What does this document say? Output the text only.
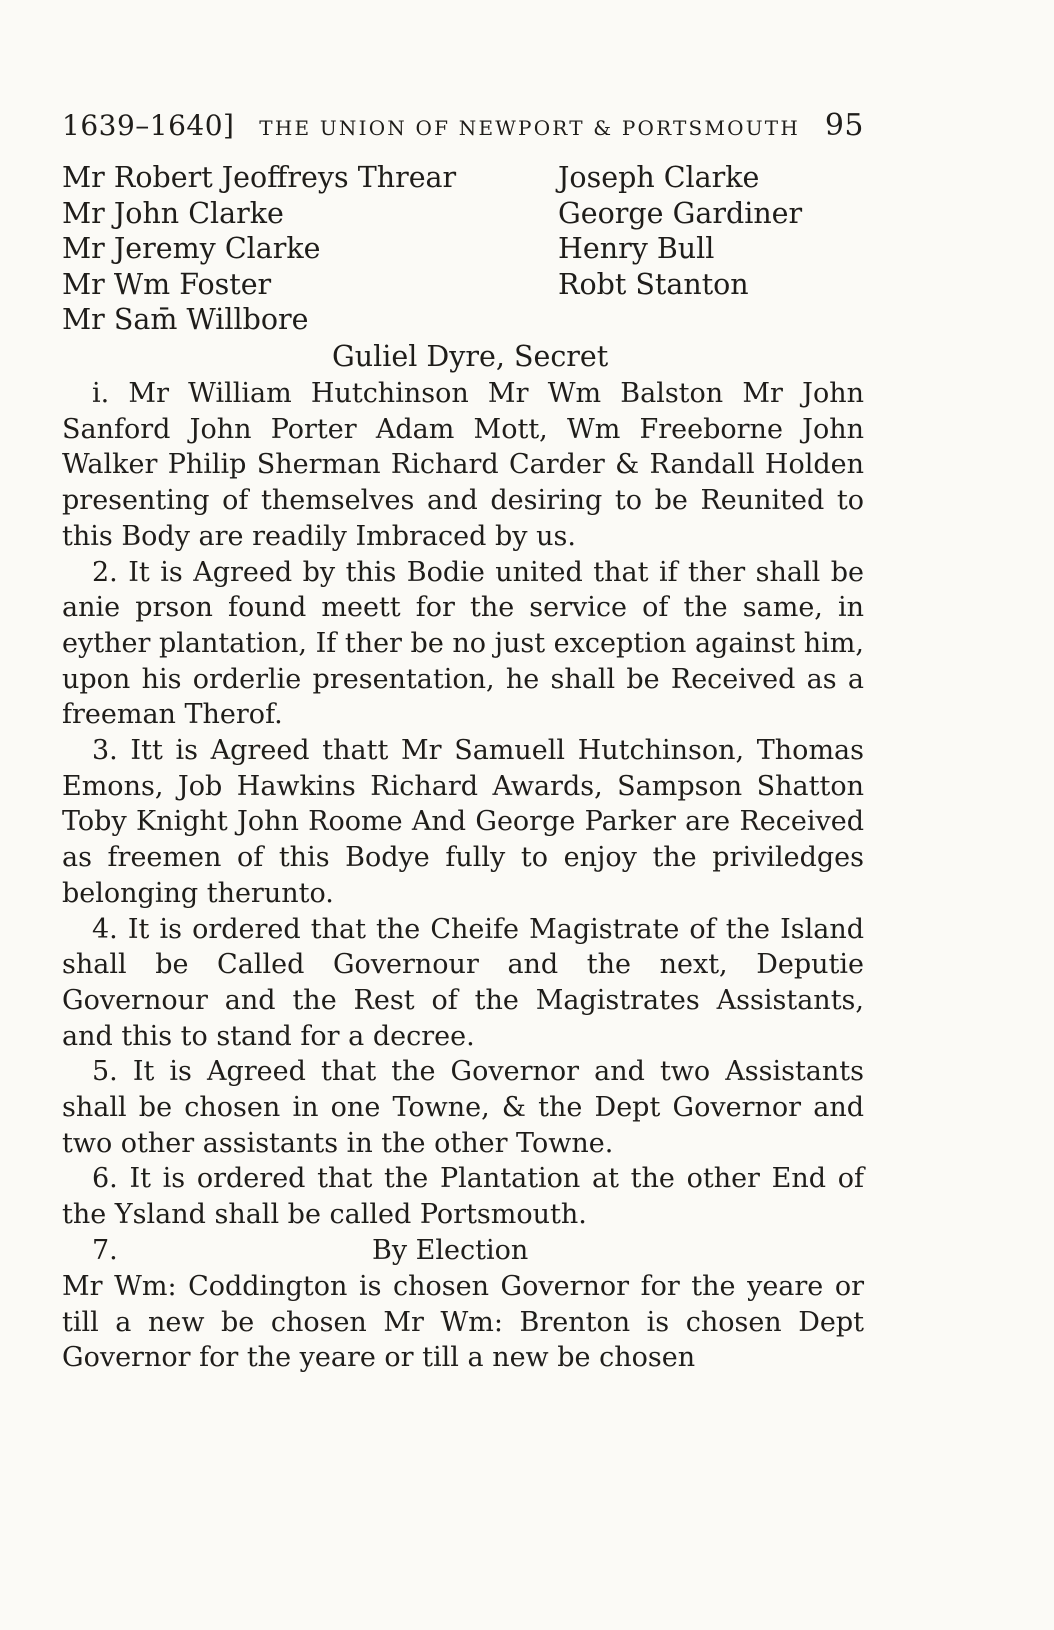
1639–1640] THE UNION OF NEWPORT & PORTSMOUTH 95
Mr Robert Jeoffreys Threar
Mr John Clarke
Mr Jeremy Clarke
Mr Wm Foster
Mr Sam̄ Willbore
Joseph Clarke
George Gardiner
Henry Bull
Robt Stanton
Guliel Dyre, Secret

i. Mr William Hutchinson Mr Wm Balston Mr John Sanford John Porter Adam Mott, Wm Freeborne John Walker Philip Sherman Richard Carder & Randall Holden presenting of themselves and desiring to be Reunited to this Body are readily Imbraced by us.

2. It is Agreed by this Bodie united that if ther shall be anie prson found meett for the service of the same, in eyther plantation, If ther be no just exception against him, upon his orderlie presentation, he shall be Received as a freeman Therof.

3. Itt is Agreed thatt Mr Samuell Hutchinson, Thomas Emons, Job Hawkins Richard Awards, Sampson Shatton Toby Knight John Roome And George Parker are Received as freemen of this Bodye fully to enjoy the priviledges belonging therunto.

4. It is ordered that the Cheife Magistrate of the Island shall be Called Governour and the next, Deputie Governour and the Rest of the Magistrates Assistants, and this to stand for a decree.

5. It is Agreed that the Governor and two Assistants shall be chosen in one Towne, & the Dept Governor and two other assistants in the other Towne.

6. It is ordered that the Plantation at the other End of the Ysland shall be called Portsmouth.

7.	By Election

Mr Wm: Coddington is chosen Governor for the yeare or till a new be chosen Mr Wm: Brenton is chosen Dept Governor for the yeare or till a new be chosen
